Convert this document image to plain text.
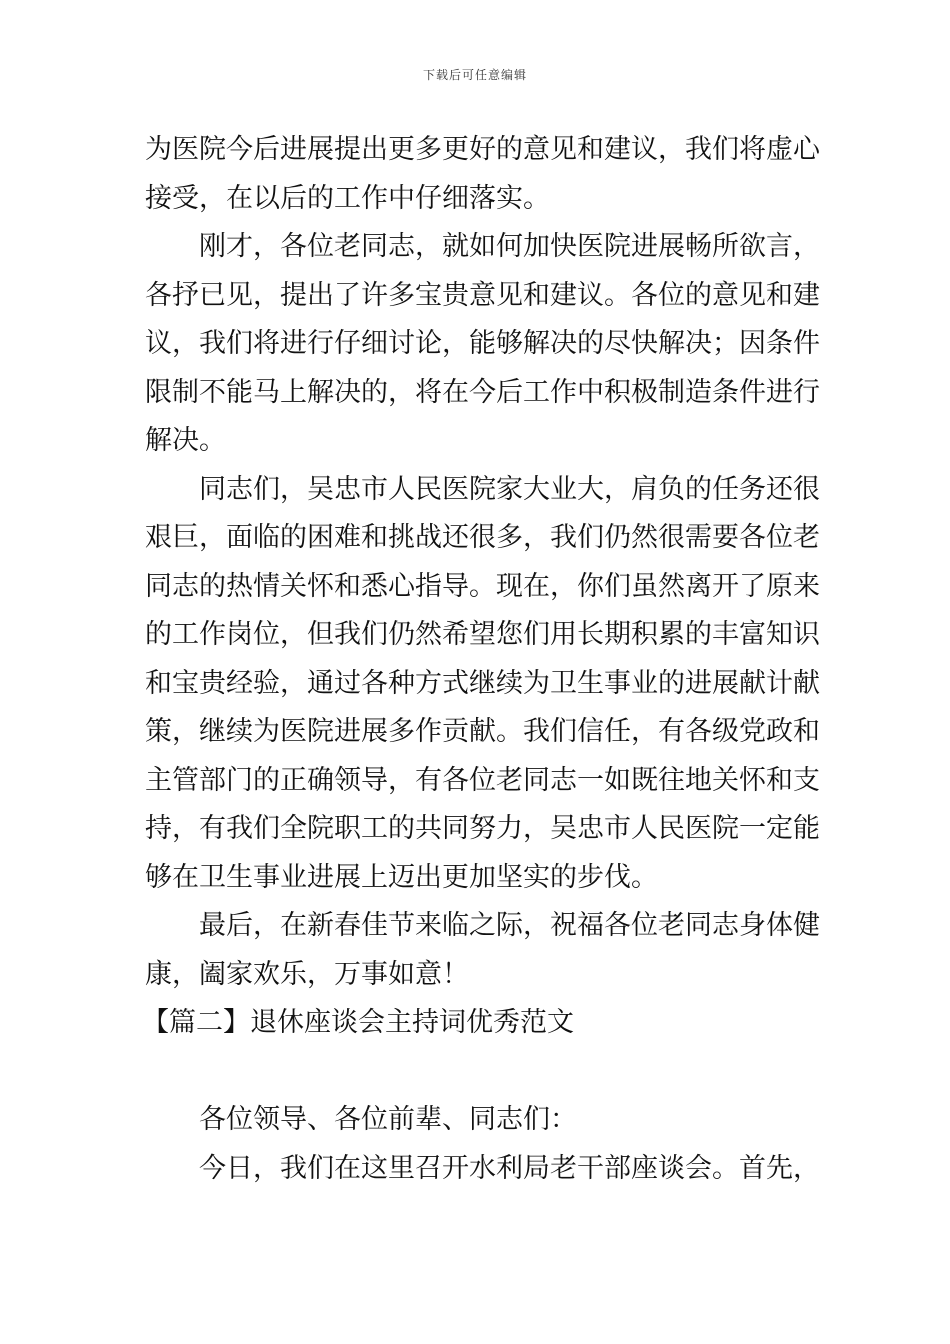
下载后可任意编辑
为医院今后进展提出更多更好的意见和建议，我们将虚心
接受，在以后的工作中仔细落实。
刚才，各位老同志，就如何加快医院进展畅所欲言，
各抒已见，提出了许多宝贵意见和建议。各位的意见和建
议，我们将进行仔细讨论，能够解决的尽快解决；因条件
限制不能马上解决的，将在今后工作中积极制造条件进行
解决。
同志们，吴忠市人民医院家大业大，肩负的任务还很
艰巨，面临的困难和挑战还很多，我们仍然很需要各位老
同志的热情关怀和悉心指导。现在，你们虽然离开了原来
的工作岗位，但我们仍然希望您们用长期积累的丰富知识
和宝贵经验，通过各种方式继续为卫生事业的进展献计献
策，继续为医院进展多作贡献。我们信任，有各级党政和
主管部门的正确领导，有各位老同志一如既往地关怀和支
持，有我们全院职工的共同努力，吴忠市人民医院一定能
够在卫生事业进展上迈出更加坚实的步伐。
最后，在新春佳节来临之际，祝福各位老同志身体健
康，阖家欢乐，万事如意！
【篇二】退休座谈会主持词优秀范文
各位领导、各位前辈、同志们：
今日，我们在这里召开水利局老干部座谈会。首先，
